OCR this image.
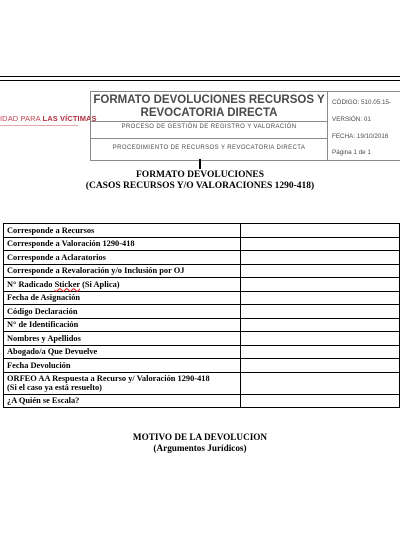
IDAD PARA LAS VÍCTIMAS
FORMATO DEVOLUCIONES RECURSOS Y REVOCATORIA DIRECTA
PROCESO DE GESTIÓN DE REGISTRO Y VALORACIÓN
PROCEDIMIENTO DE RECURSOS Y REVOCATORIA DIRECTA
CÓDIGO: 510.05.15-
VERSIÓN: 01
FECHA: 19/10/2016
Página 1 de 1
FORMATO DEVOLUCIONES
(CASOS RECURSOS Y/O VALORACIONES 1290-418)
Corresponde a Recursos	
Corresponde a Valoración 1290-418	
Corresponde a Aclaratorios	
Corresponde a Revaloración y/o Inclusión por OJ	
N° Radicado Sticker (Si Aplica)	
Fecha de Asignación	
Código Declaración	
N° de Identificación	
Nombres y Apellidos	
Abogado/a Que Devuelve	
Fecha Devolución	

ORFEO AA Respuesta a Recurso y/ Valoración 1290-418
(Si el caso ya está resuelto)	

¿A Quién se Escala?	
MOTIVO DE LA DEVOLUCION
(Argumentos Jurídicos)
